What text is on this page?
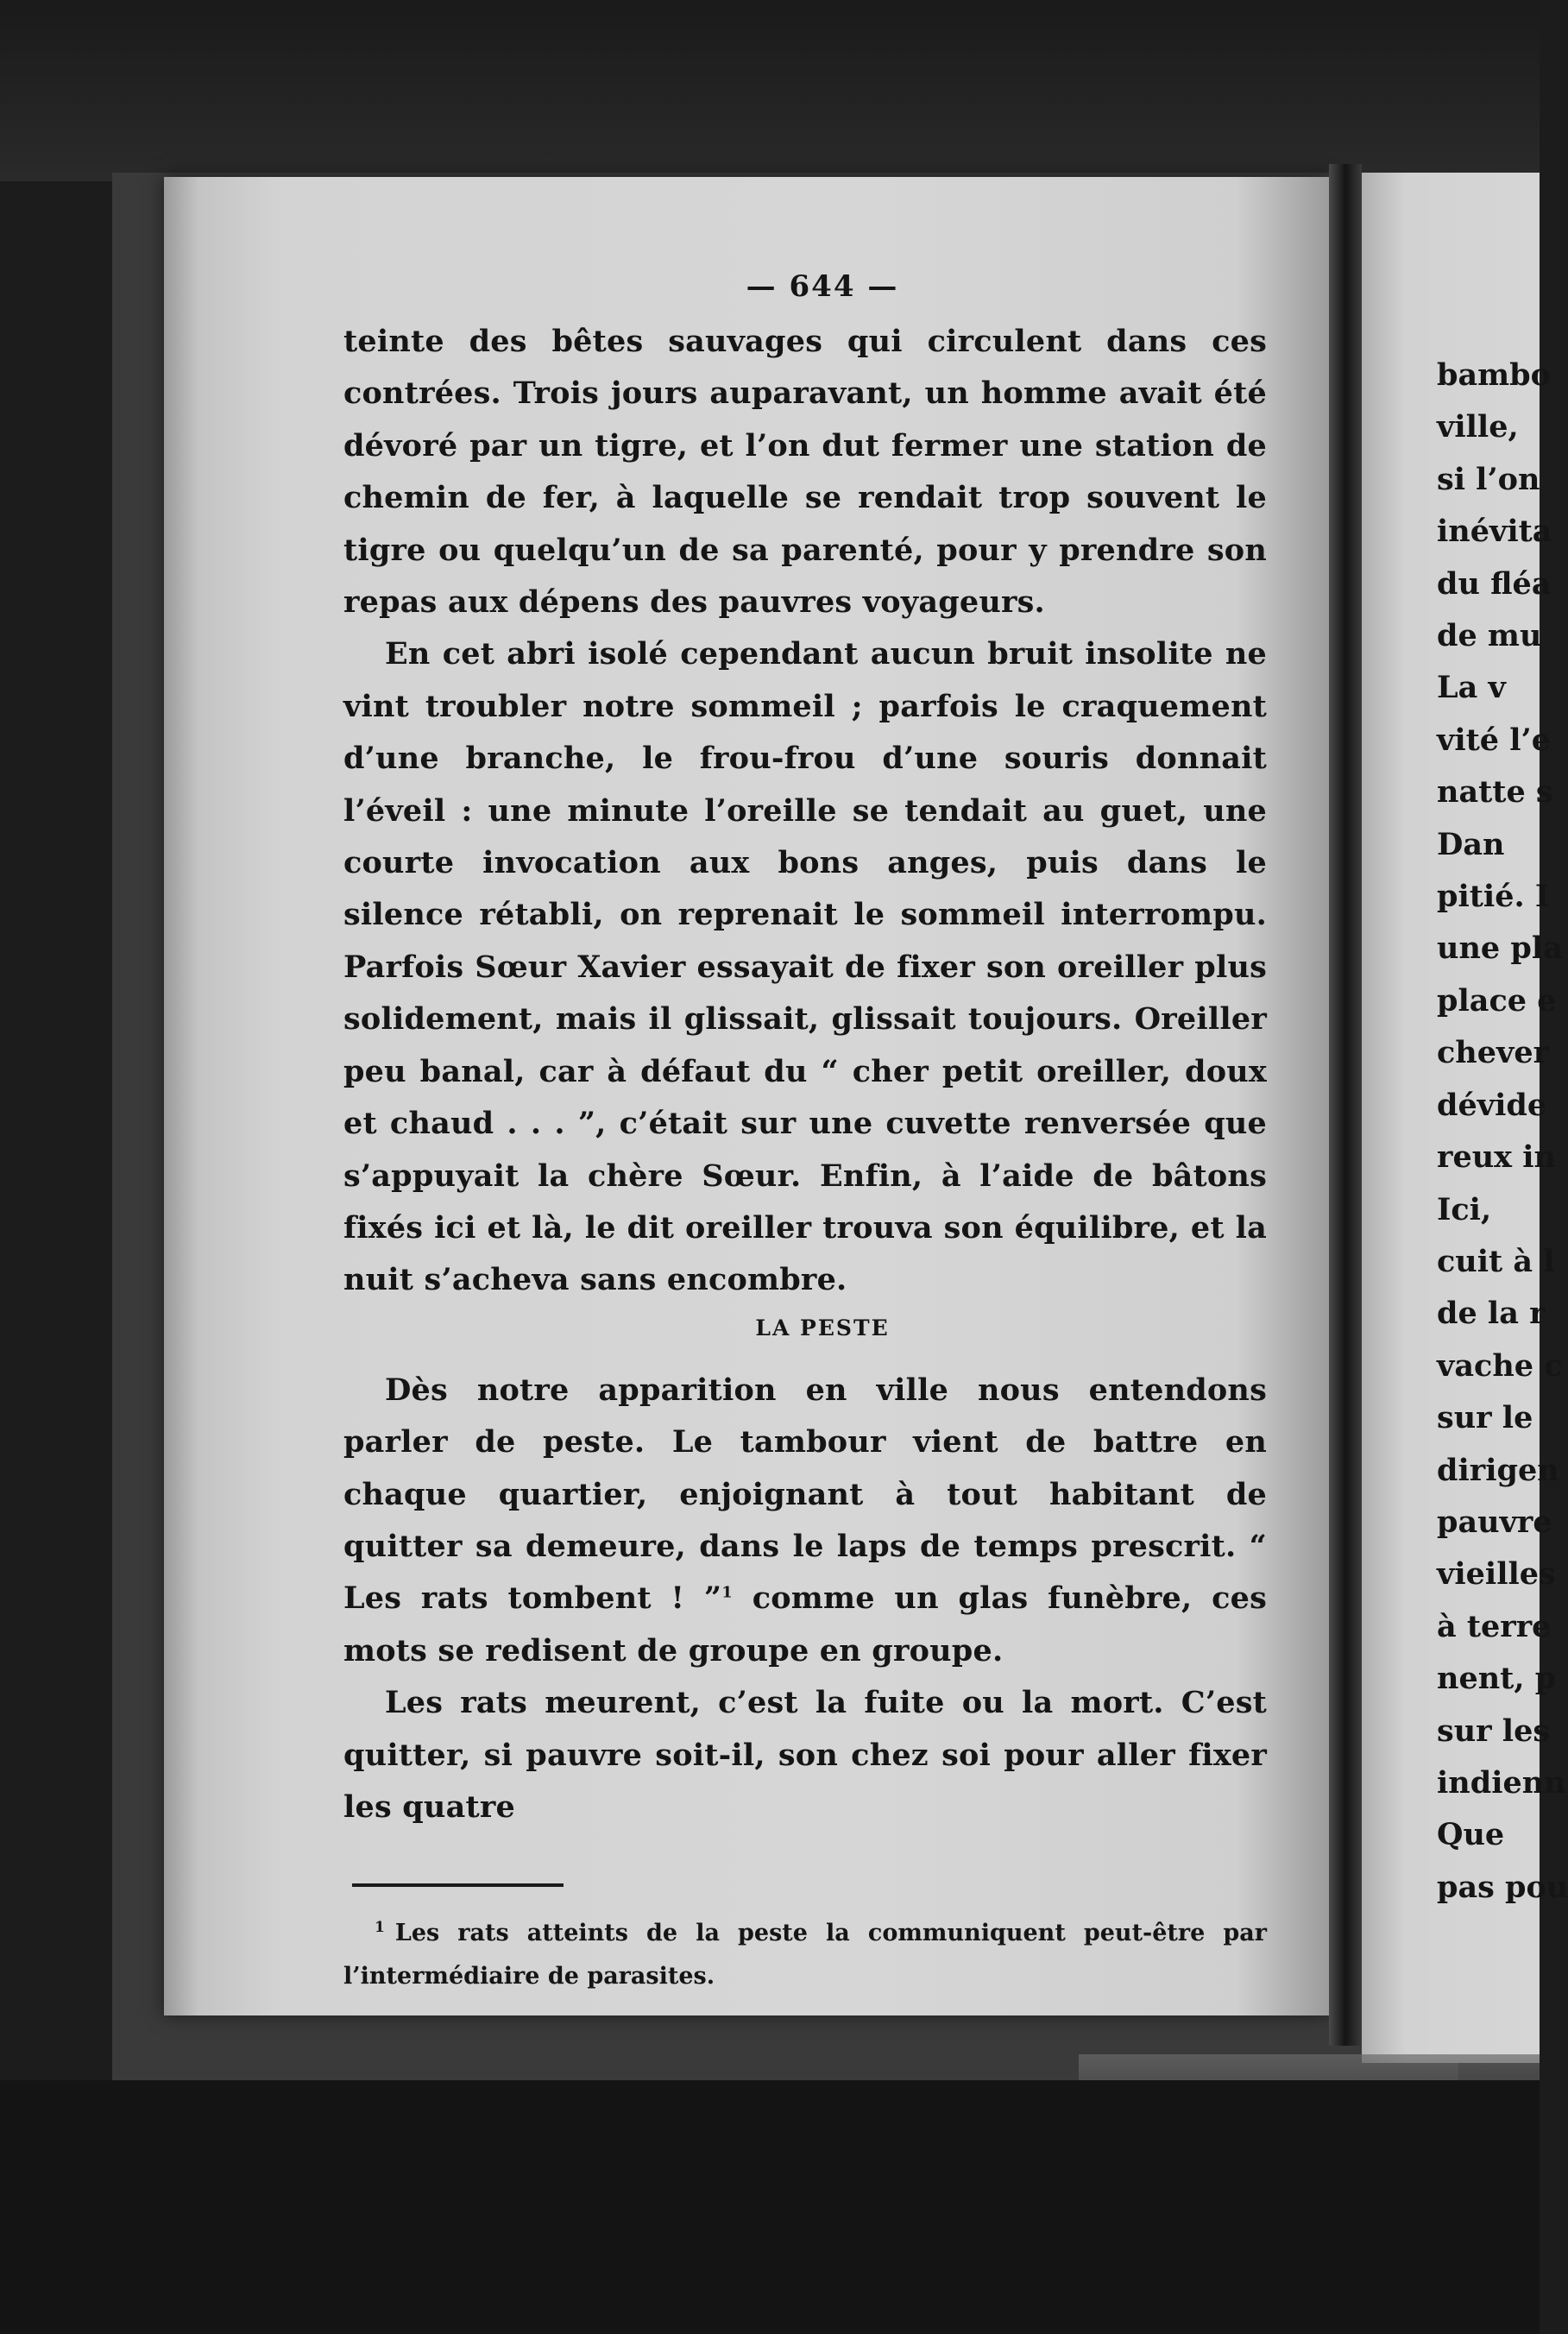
— 644 —

teinte des bêtes sauvages qui circulent dans ces contrées. Trois jours auparavant, un homme avait été dévoré par un tigre, et l’on dut fermer une station de chemin de fer, à laquelle se rendait trop souvent le tigre ou quelqu’un de sa parenté, pour y prendre son repas aux dépens des pauvres voyageurs.

En cet abri isolé cependant aucun bruit insolite ne vint troubler notre sommeil ; parfois le craquement d’une branche, le frou-frou d’une souris donnait l’éveil : une minute l’oreille se tendait au guet, une courte invocation aux bons anges, puis dans le silence rétabli, on reprenait le sommeil interrompu. Parfois Sœur Xavier essayait de fixer son oreiller plus solidement, mais il glissait, glissait toujours. Oreiller peu banal, car à défaut du “ cher petit oreiller, doux et chaud . . . ”, c’était sur une cuvette renversée que s’appuyait la chère Sœur. Enfin, à l’aide de bâtons fixés ici et là, le dit oreiller trouva son équilibre, et la nuit s’acheva sans encombre.

LA PESTE

Dès notre apparition en ville nous entendons parler de peste. Le tambour vient de battre en chaque quartier, enjoignant à tout habitant de quitter sa demeure, dans le laps de temps prescrit. “ Les rats tombent ! ”$^1$ comme un glas funèbre, ces mots se redisent de groupe en groupe.

Les rats meurent, c’est la fuite ou la mort. C’est quitter, si pauvre soit-il, son chez soi pour aller fixer les quatre

$^1$ Les rats atteints de la peste la communiquent peut-être par l’intermédiaire de parasites.

bambo
ville,
si l’on
inévita
du fléa
de mu
La v
vité l’e
natte s
Dan
pitié. I
une pla
place e
chever
dévide
reux in
Ici,
cuit à l
de la r
vache c
sur le
dirigen
pauvre
vieilles
à terre
nent, p
sur les
indienn
Que
pas pou
